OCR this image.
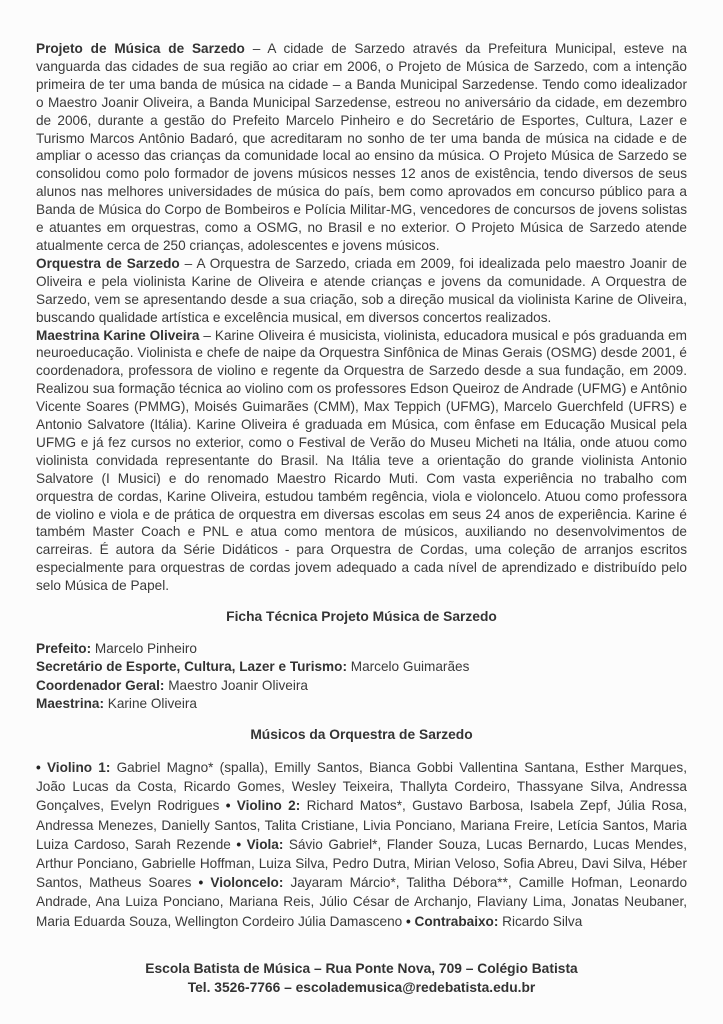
Projeto de Música de Sarzedo – A cidade de Sarzedo através da Prefeitura Municipal, esteve na vanguarda das cidades de sua região ao criar em 2006, o Projeto de Música de Sarzedo, com a intenção primeira de ter uma banda de música na cidade – a Banda Municipal Sarzedense. Tendo como idealizador o Maestro Joanir Oliveira, a Banda Municipal Sarzedense, estreou no aniversário da cidade, em dezembro de 2006, durante a gestão do Prefeito Marcelo Pinheiro e do Secretário de Esportes, Cultura, Lazer e Turismo Marcos Antônio Badaró, que acreditaram no sonho de ter uma banda de música na cidade e de ampliar o acesso das crianças da comunidade local ao ensino da música. O Projeto Música de Sarzedo se consolidou como polo formador de jovens músicos nesses 12 anos de existência, tendo diversos de seus alunos nas melhores universidades de música do país, bem como aprovados em concurso público para a Banda de Música do Corpo de Bombeiros e Polícia Militar-MG, vencedores de concursos de jovens solistas e atuantes em orquestras, como a OSMG, no Brasil e no exterior. O Projeto Música de Sarzedo atende atualmente cerca de 250 crianças, adolescentes e jovens músicos.

Orquestra de Sarzedo – A Orquestra de Sarzedo, criada em 2009, foi idealizada pelo maestro Joanir de Oliveira e pela violinista Karine de Oliveira e atende crianças e jovens da comunidade. A Orquestra de Sarzedo, vem se apresentando desde a sua criação, sob a direção musical da violinista Karine de Oliveira, buscando qualidade artística e excelência musical, em diversos concertos realizados.

Maestrina Karine Oliveira – Karine Oliveira é musicista, violinista, educadora musical e pós graduanda em neuroeducação. Violinista e chefe de naipe da Orquestra Sinfônica de Minas Gerais (OSMG) desde 2001, é coordenadora, professora de violino e regente da Orquestra de Sarzedo desde a sua fundação, em 2009. Realizou sua formação técnica ao violino com os professores Edson Queiroz de Andrade (UFMG) e Antônio Vicente Soares (PMMG), Moisés Guimarães (CMM), Max Teppich (UFMG), Marcelo Guerchfeld (UFRS) e Antonio Salvatore (Itália). Karine Oliveira é graduada em Música, com ênfase em Educação Musical pela UFMG e já fez cursos no exterior, como o Festival de Verão do Museu Micheti na Itália, onde atuou como violinista convidada representante do Brasil. Na Itália teve a orientação do grande violinista Antonio Salvatore (I Musici) e do renomado Maestro Ricardo Muti. Com vasta experiência no trabalho com orquestra de cordas, Karine Oliveira, estudou também regência, viola e violoncelo. Atuou como professora de violino e viola e de prática de orquestra em diversas escolas em seus 24 anos de experiência. Karine é também Master Coach e PNL e atua como mentora de músicos, auxiliando no desenvolvimentos de carreiras. É autora da Série Didáticos - para Orquestra de Cordas, uma coleção de arranjos escritos especialmente para orquestras de cordas jovem adequado a cada nível de aprendizado e distribuído pelo selo Música de Papel.

Ficha Técnica Projeto Música de Sarzedo
Prefeito: Marcelo Pinheiro
Secretário de Esporte, Cultura, Lazer e Turismo: Marcelo Guimarães
Coordenador Geral: Maestro Joanir Oliveira
Maestrina: Karine Oliveira
Músicos da Orquestra de Sarzedo

• Violino 1: Gabriel Magno* (spalla), Emilly Santos, Bianca Gobbi Vallentina Santana, Esther Marques, João Lucas da Costa, Ricardo Gomes, Wesley Teixeira, Thallyta Cordeiro, Thassyane Silva, Andressa Gonçalves, Evelyn Rodrigues • Violino 2: Richard Matos*, Gustavo Barbosa, Isabela Zepf, Júlia Rosa, Andressa Menezes, Danielly Santos, Talita Cristiane, Livia Ponciano, Mariana Freire, Letícia Santos, Maria Luiza Cardoso, Sarah Rezende • Viola: Sávio Gabriel*, Flander Souza, Lucas Bernardo, Lucas Mendes, Arthur Ponciano, Gabrielle Hoffman, Luiza Silva, Pedro Dutra, Mirian Veloso, Sofia Abreu, Davi Silva, Héber Santos, Matheus Soares • Violoncelo: Jayaram Márcio*, Talitha Débora**, Camille Hofman, Leonardo Andrade, Ana Luiza Ponciano, Mariana Reis, Júlio César de Archanjo, Flaviany Lima, Jonatas Neubaner, Maria Eduarda Souza, Wellington Cordeiro Júlia Damasceno • Contrabaixo: Ricardo Silva

Escola Batista de Música – Rua Ponte Nova, 709 – Colégio Batista
Tel. 3526-7766 – escolademusica@redebatista.edu.br
